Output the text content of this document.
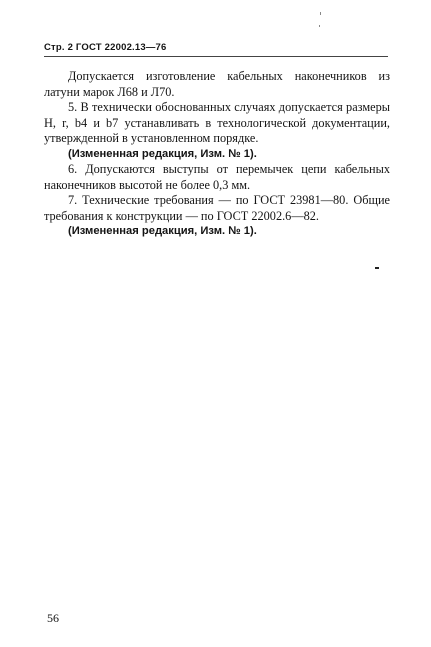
Стр. 2 ГОСТ 22002.13—76

Допускается изготовление кабельных наконечников из латуни марок Л68 и Л70.

5. В технически обоснованных случаях допускается размеры H, r, b4 и b7 устанавливать в технологической документации, утвержденной в установленном порядке.

(Измененная редакция, Изм. № 1).

6. Допускаются выступы от перемычек цепи кабельных наконечников высотой не более 0,3 мм.

7. Технические требования — по ГОСТ 23981—80. Общие требования к конструкции — по ГОСТ 22002.6—82.

(Измененная редакция, Изм. № 1).

56
